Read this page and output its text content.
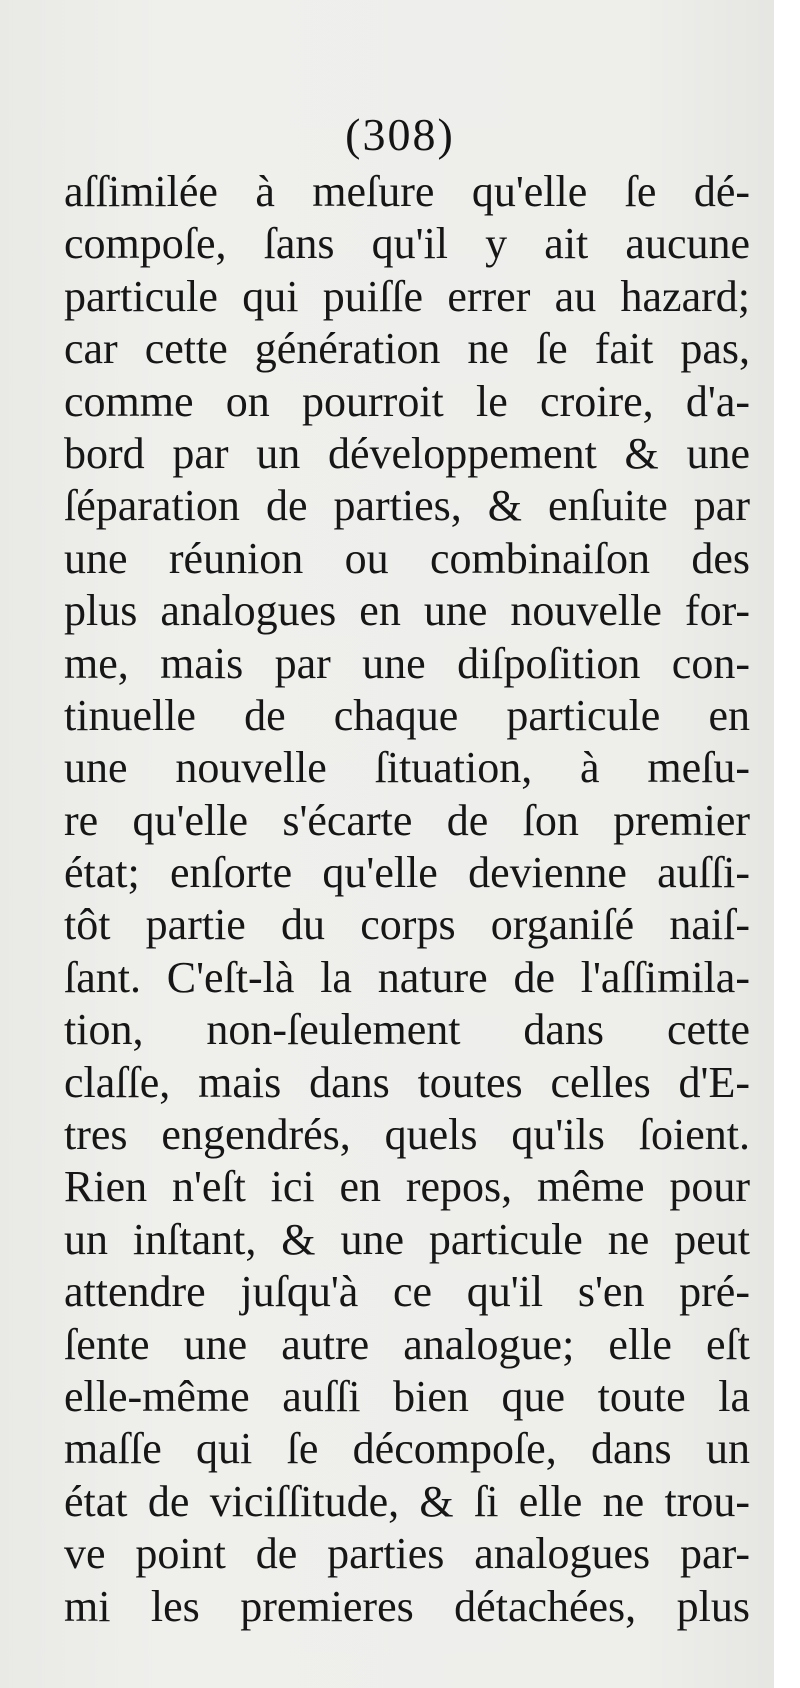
(308)
aſſimilée à meſure qu'elle ſe dé-
compoſe, ſans qu'il y ait aucune
particule qui puiſſe errer au hazard;
car cette génération ne ſe fait pas,
comme on pourroit le croire, d'a-
bord par un développement & une
ſéparation de parties, & enſuite par
une réunion ou combinaiſon des
plus analogues en une nouvelle for-
me, mais par une diſpoſition con-
tinuelle de chaque particule en
une nouvelle ſituation, à meſu-
re qu'elle s'écarte de ſon premier
état; enſorte qu'elle devienne auſſi-
tôt partie du corps organiſé naiſ-
ſant. C'eſt-là la nature de l'aſſimila-
tion, non-ſeulement dans cette
claſſe, mais dans toutes celles d'E-
tres engendrés, quels qu'ils ſoient.
Rien n'eſt ici en repos, même pour
un inſtant, & une particule ne peut
attendre juſqu'à ce qu'il s'en pré-
ſente une autre analogue; elle eſt
elle-même auſſi bien que toute la
maſſe qui ſe décompoſe, dans un
état de viciſſitude, & ſi elle ne trou-
ve point de parties analogues par-
mi les premieres détachées, plus
